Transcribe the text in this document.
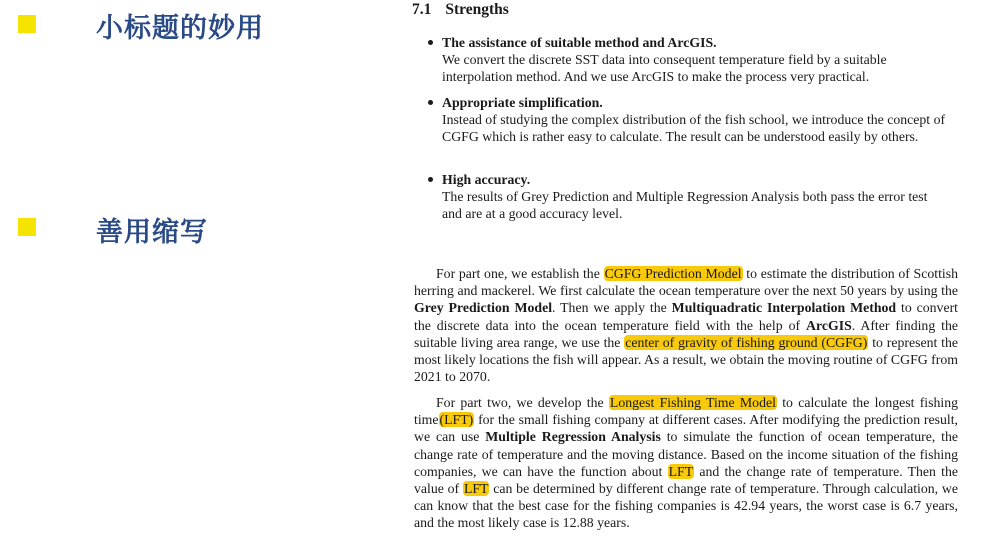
小标题的妙用
善用缩写
7.1 Strengths
The assistance of suitable method and ArcGIS.
We convert the discrete SST data into consequent temperature field by a suitable interpolation method. And we use ArcGIS to make the process very practical.
Appropriate simplification.
Instead of studying the complex distribution of the fish school, we introduce the concept of CGFG which is rather easy to calculate. The result can be understood easily by others.
High accuracy.
The results of Grey Prediction and Multiple Regression Analysis both pass the error test and are at a good accuracy level.
For part one, we establish the CGFG Prediction Model to estimate the distribution of Scottish herring and mackerel. We first calculate the ocean temperature over the next 50 years by using the Grey Prediction Model. Then we apply the Multiquadratic Interpolation Method to convert the discrete data into the ocean temperature field with the help of ArcGIS. After finding the suitable living area range, we use the center of gravity of fishing ground (CGFG) to represent the most likely locations the fish will appear. As a result, we obtain the moving routine of CGFG from 2021 to 2070.
For part two, we develop the Longest Fishing Time Model to calculate the longest fishing time(LFT) for the small fishing company at different cases. After modifying the prediction result, we can use Multiple Regression Analysis to simulate the function of ocean temperature, the change rate of temperature and the moving distance. Based on the income situation of the fishing companies, we can have the function about LFT and the change rate of temperature. Then the value of LFT can be determined by different change rate of temperature. Through calculation, we can know that the best case for the fishing companies is 42.94 years, the worst case is 6.7 years, and the most likely case is 12.88 years.
